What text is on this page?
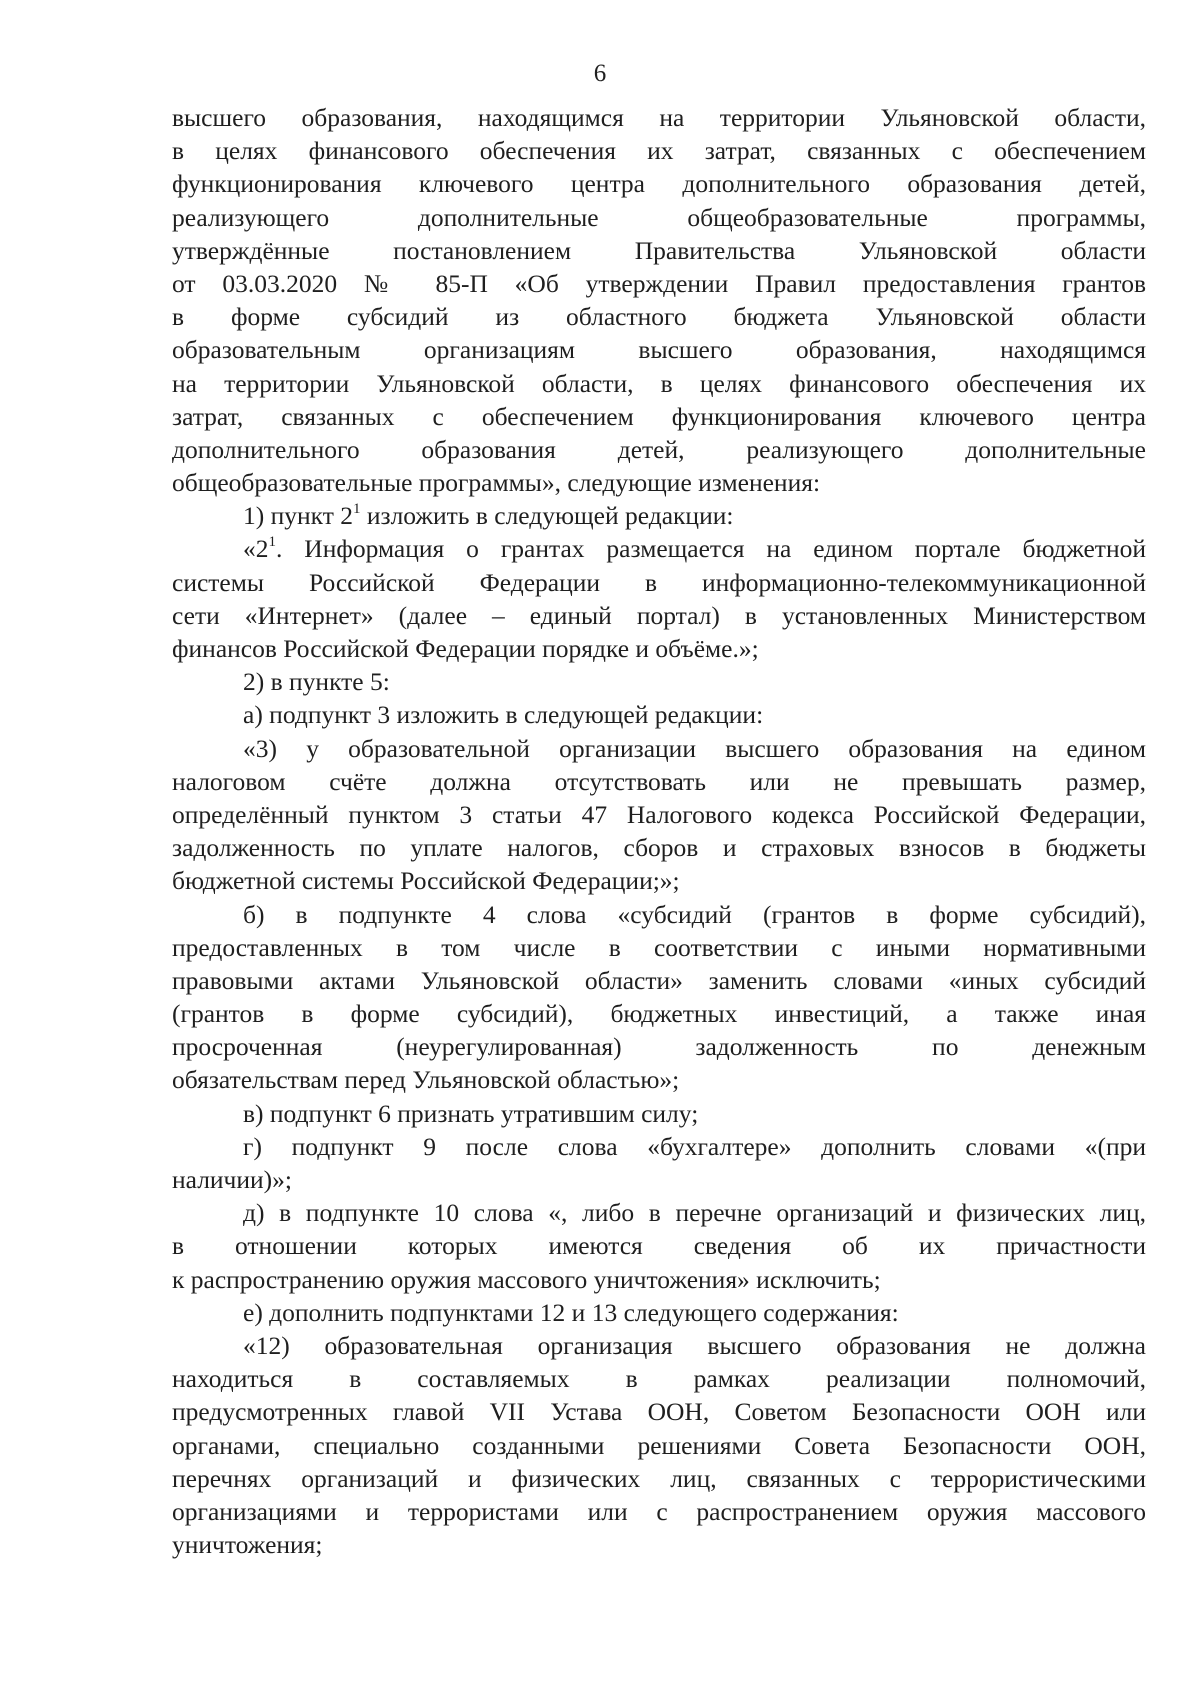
6
высшего образования, находящимся на территории Ульяновской области,
в целях финансового обеспечения их затрат, связанных с обеспечением
функционирования ключевого центра дополнительного образования детей,
реализующего дополнительные общеобразовательные программы,
утверждённые постановлением Правительства Ульяновской области
от 03.03.2020 № 85-П «Об утверждении Правил предоставления грантов
в форме субсидий из областного бюджета Ульяновской области
образовательным организациям высшего образования, находящимся
на территории Ульяновской области, в целях финансового обеспечения их
затрат, связанных с обеспечением функционирования ключевого центра
дополнительного образования детей, реализующего дополнительные
общеобразовательные программы», следующие изменения:
1) пункт $2^1$ изложить в следующей редакции:
«$2^1$. Информация о грантах размещается на едином портале бюджетной
системы Российской Федерации в информационно-телекоммуникационной
сети «Интернет» (далее – единый портал) в установленных Министерством
финансов Российской Федерации порядке и объёме.»;
2) в пункте 5:
а) подпункт 3 изложить в следующей редакции:
«3) у образовательной организации высшего образования на едином
налоговом счёте должна отсутствовать или не превышать размер,
определённый пунктом 3 статьи 47 Налогового кодекса Российской Федерации,
задолженность по уплате налогов, сборов и страховых взносов в бюджеты
бюджетной системы Российской Федерации;»;
б) в подпункте 4 слова «субсидий (грантов в форме субсидий),
предоставленных в том числе в соответствии с иными нормативными
правовыми актами Ульяновской области» заменить словами «иных субсидий
(грантов в форме субсидий), бюджетных инвестиций, а также иная
просроченная (неурегулированная) задолженность по денежным
обязательствам перед Ульяновской областью»;
в) подпункт 6 признать утратившим силу;
г) подпункт 9 после слова «бухгалтере» дополнить словами «(при
наличии)»;
д) в подпункте 10 слова «, либо в перечне организаций и физических лиц,
в отношении которых имеются сведения об их причастности
к распространению оружия массового уничтожения» исключить;
е) дополнить подпунктами 12 и 13 следующего содержания:
«12) образовательная организация высшего образования не должна
находиться в составляемых в рамках реализации полномочий,
предусмотренных главой VII Устава ООН, Советом Безопасности ООН или
органами, специально созданными решениями Совета Безопасности ООН,
перечнях организаций и физических лиц, связанных с террористическими
организациями и террористами или с распространением оружия массового
уничтожения;
